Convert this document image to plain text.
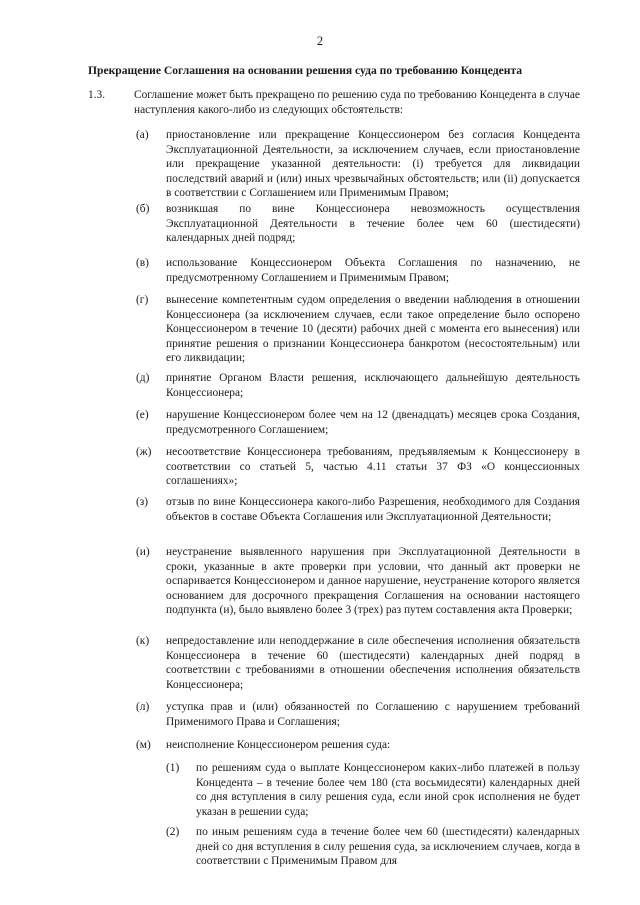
2
Прекращение Соглашения на основании решения суда по требованию Концедента
1.3.	Соглашение может быть прекращено по решению суда по требованию Концедента в случае наступления какого-либо из следующих обстоятельств:
(а) приостановление или прекращение Концессионером без согласия Концедента Эксплуатационной Деятельности, за исключением случаев, если приостановление или прекращение указанной деятельности: (i) требуется для ликвидации последствий аварий и (или) иных чрезвычайных обстоятельств; или (ii) допускается в соответствии с Соглашением или Применимым Правом;
(б) возникшая по вине Концессионера невозможность осуществления Эксплуатационной Деятельности в течение более чем 60 (шестидесяти) календарных дней подряд;
(в) использование Концессионером Объекта Соглашения по назначению, не предусмотренному Соглашением и Применимым Правом;
(г) вынесение компетентным судом определения о введении наблюдения в отношении Концессионера (за исключением случаев, если такое определение было оспорено Концессионером в течение 10 (десяти) рабочих дней с момента его вынесения) или принятие решения о признании Концессионера банкротом (несостоятельным) или его ликвидации;
(д) принятие Органом Власти решения, исключающего дальнейшую деятельность Концессионера;
(е) нарушение Концессионером более чем на 12 (двенадцать) месяцев срока Создания, предусмотренного Соглашением;
(ж) несоответствие Концессионера требованиям, предъявляемым к Концессионеру в соответствии со статьей 5, частью 4.11 статьи 37 ФЗ «О концессионных соглашениях»;
(з) отзыв по вине Концессионера какого-либо Разрешения, необходимого для Создания объектов в составе Объекта Соглашения или Эксплуатационной Деятельности;
(и) неустранение выявленного нарушения при Эксплуатационной Деятельности в сроки, указанные в акте проверки при условии, что данный акт проверки не оспаривается Концессионером и данное нарушение, неустранение которого является основанием для досрочного прекращения Соглашения на основании настоящего подпункта (и), было выявлено более 3 (трех) раз путем составления акта Проверки;
(к) непредоставление или неподдержание в силе обеспечения исполнения обязательств Концессионера в течение 60 (шестидесяти) календарных дней подряд в соответствии с требованиями в отношении обеспечения исполнения обязательств Концессионера;
(л) уступка прав и (или) обязанностей по Соглашению с нарушением требований Применимого Права и Соглашения;
(м) неисполнение Концессионером решения суда:
(1) по решениям суда о выплате Концессионером каких-либо платежей в пользу Концедента – в течение более чем 180 (ста восьмидесяти) календарных дней со дня вступления в силу решения суда, если иной срок исполнения не будет указан в решении суда;
(2) по иным решениям суда в течение более чем 60 (шестидесяти) календарных дней со дня вступления в силу решения суда, за исключением случаев, когда в соответствии с Применимым Правом для
